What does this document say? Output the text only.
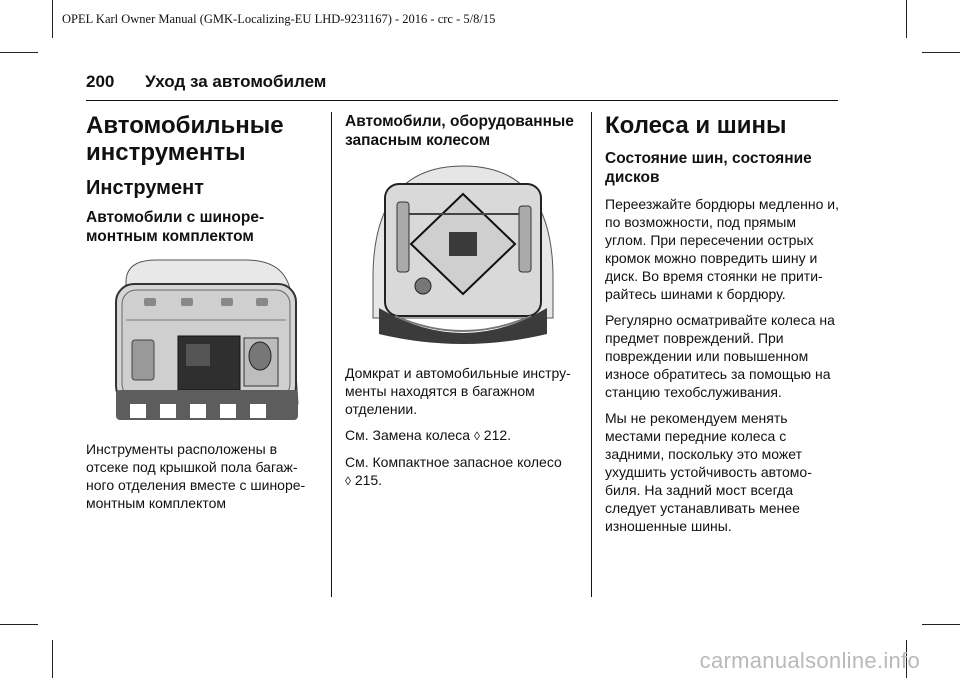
OPEL Karl Owner Manual (GMK-Localizing-EU LHD-9231167) - 2016 - crc - 5/8/15
200 Уход за автомобилем
Автомобильные инструменты
Инструмент
Автомобили с шиноре-монтным комплектом

Инструменты расположены в отсеке под крышкой пола багаж-ного отделения вместе с шиноре-монтным комплектом

Автомобили, оборудованные запасным колесом

Домкрат и автомобильные инстру-менты находятся в багажном отделении.

См. Замена колеса ◊ 212.

См. Компактное запасное колесо
◊ 215.

Колеса и шины
Состояние шин, состояние дисков

Переезжайте бордюры медленно и, по возможности, под прямым углом. При пересечении острых кромок можно повредить шину и диск. Во время стоянки не прити-райтесь шинами к бордюру.

Регулярно осматривайте колеса на предмет повреждений. При повреждении или повышенном износе обратитесь за помощью на станцию техобслуживания.

Мы не рекомендуем менять местами передние колеса с задними, поскольку это может ухудшить устойчивость автомо-биля. На задний мост всегда следует устанавливать менее изношенные шины.

carmanualsonline.info
